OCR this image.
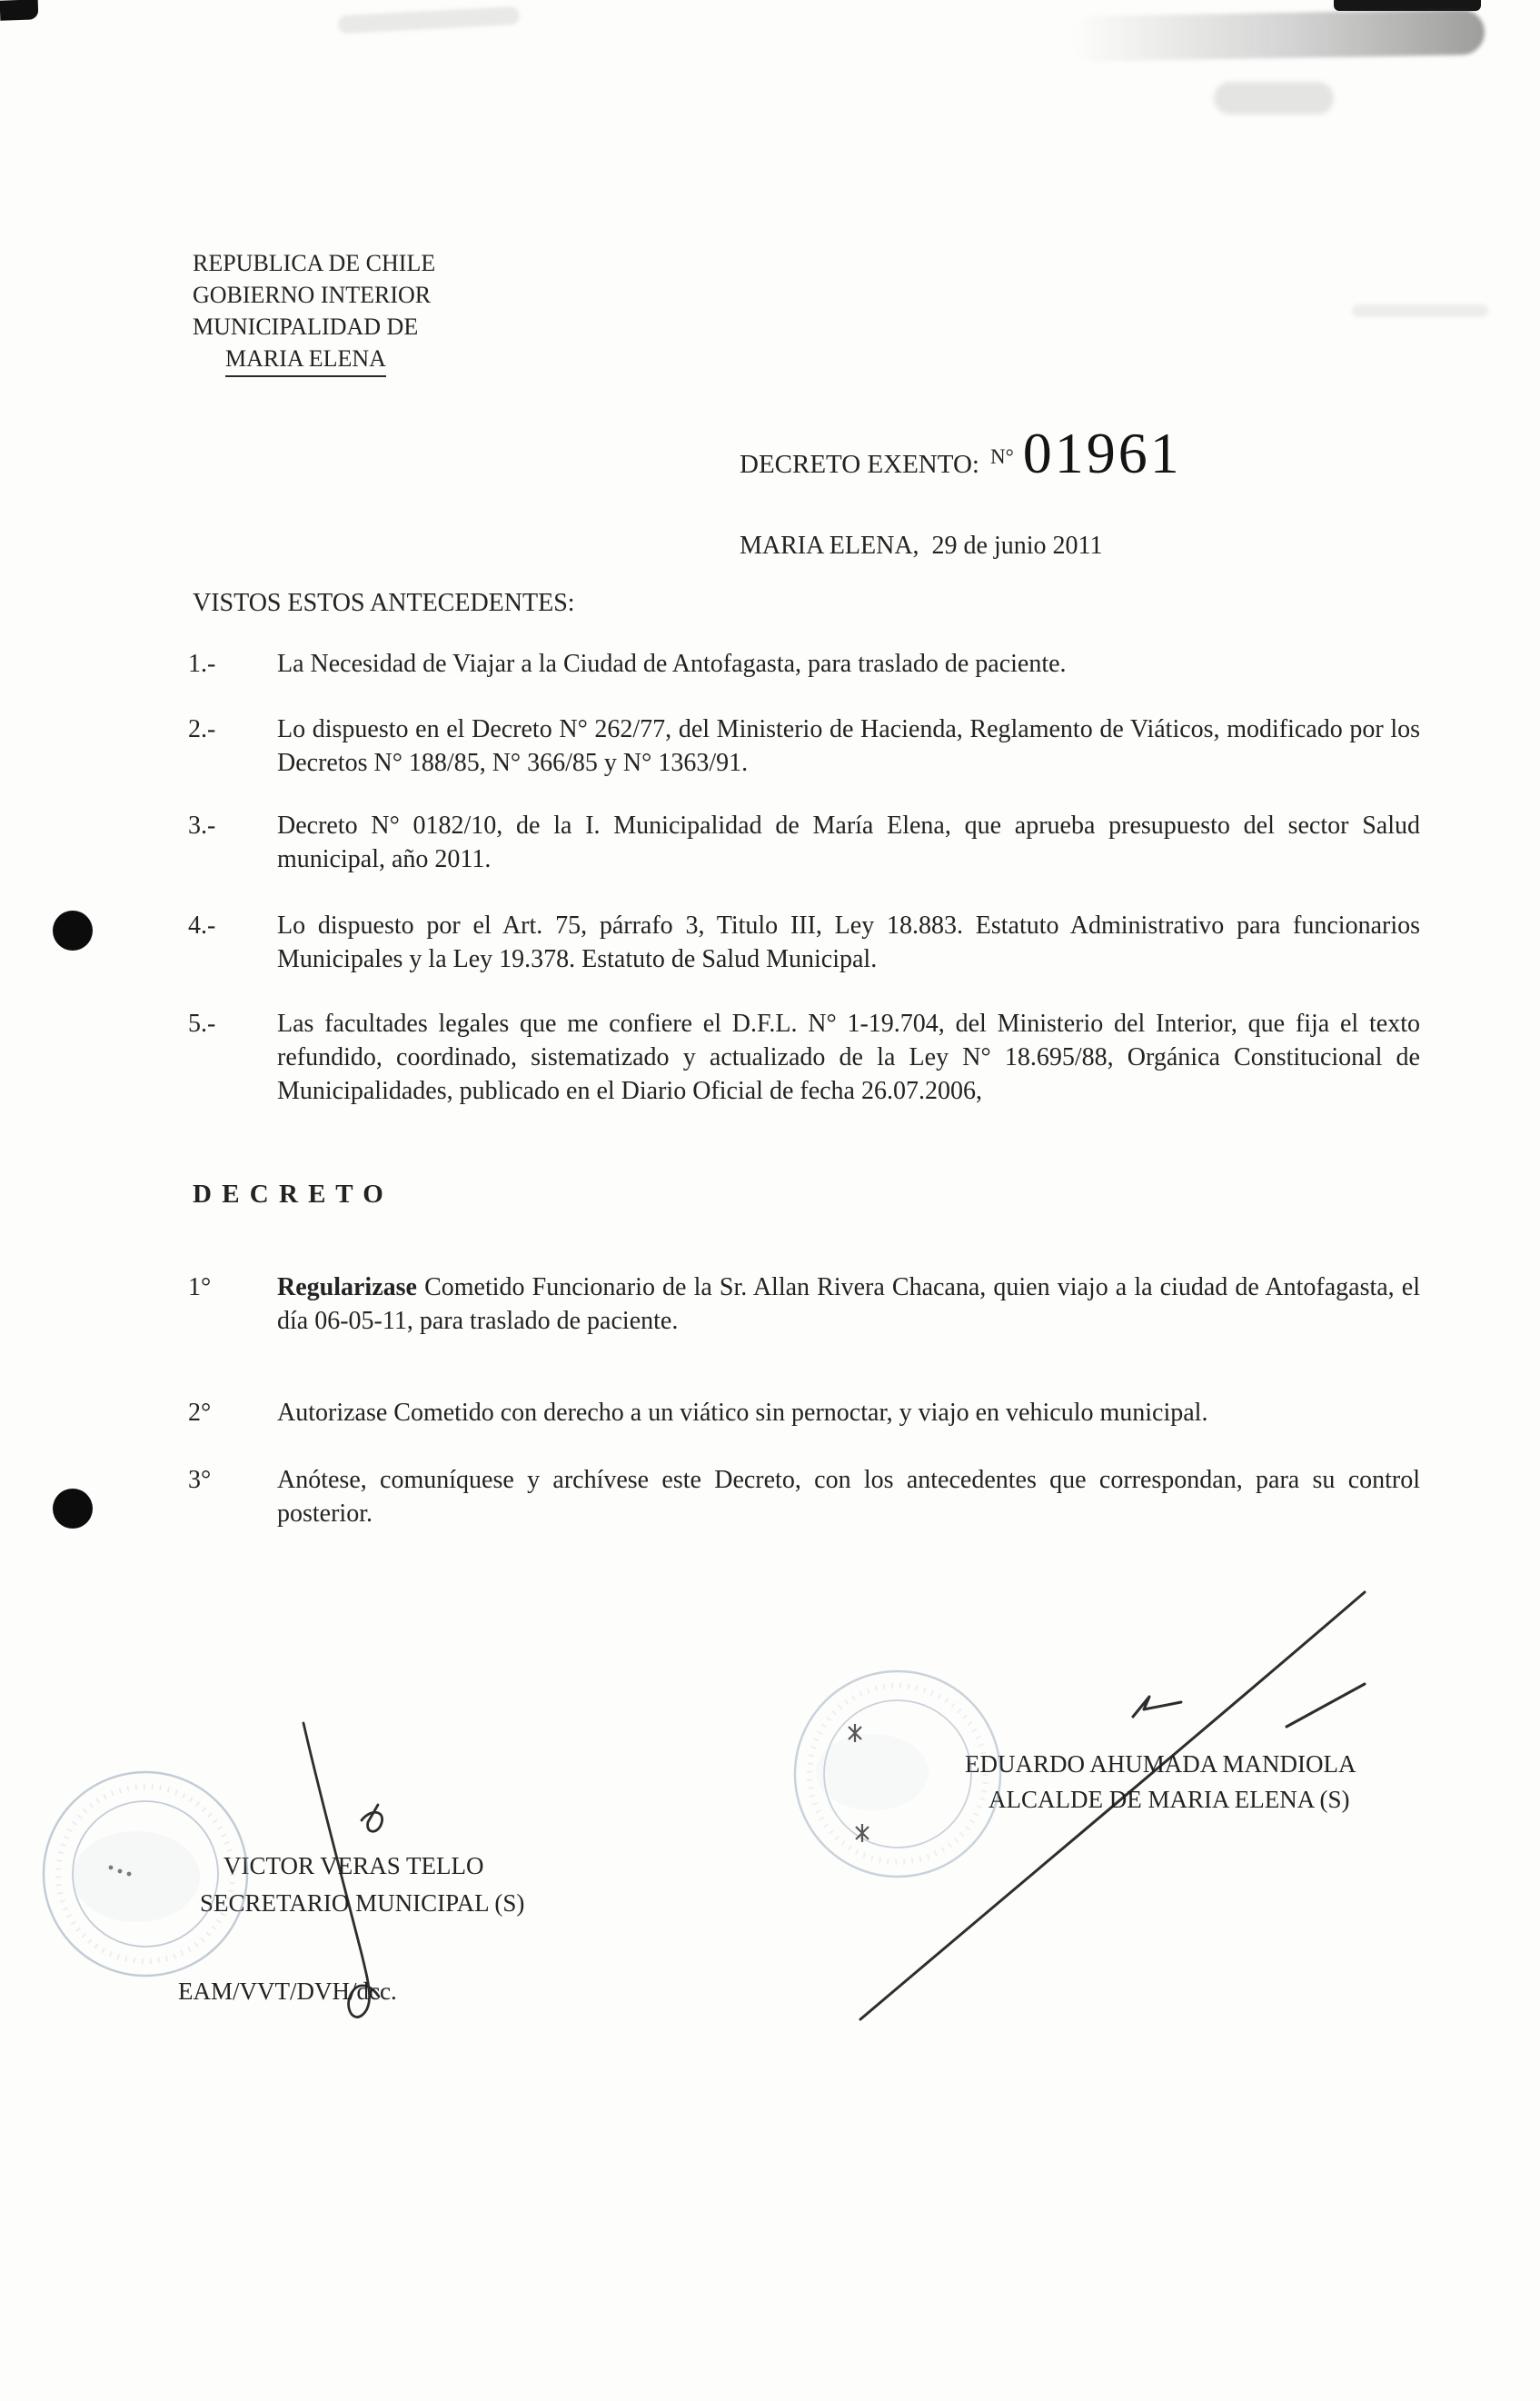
REPUBLICA DE CHILE
GOBIERNO INTERIOR
MUNICIPALIDAD DE
MARIA ELENA
DECRETO EXENTO: N° 01961
MARIA ELENA,  29 de junio 2011
VISTOS ESTOS ANTECEDENTES:
1.- La Necesidad de Viajar a la Ciudad de Antofagasta, para traslado de paciente.

2.- Lo dispuesto en el Decreto N° 262/77, del Ministerio de Hacienda, Reglamento de Viáticos, modificado por los Decretos N° 188/85, N° 366/85 y N° 1363/91.

3.- Decreto N° 0182/10, de la I. Municipalidad de María Elena, que aprueba presupuesto del sector Salud municipal, año 2011.

4.- Lo dispuesto por el Art. 75, párrafo 3, Titulo III, Ley 18.883. Estatuto Administrativo para funcionarios Municipales y la Ley 19.378. Estatuto de Salud Municipal.

5.- Las facultades legales que me confiere el D.F.L. N° 1-19.704, del Ministerio del Interior, que fija el texto refundido, coordinado, sistematizado y actualizado de la Ley N° 18.695/88, Orgánica Constitucional de Municipalidades, publicado en el Diario Oficial de fecha 26.07.2006,

D E C R E T O
1°	Regularizase Cometido Funcionario de la Sr. Allan Rivera Chacana, quien viajo a la ciudad de Antofagasta, el día 06-05-11, para traslado de paciente.

2°	Autorizase Cometido con derecho a un viático sin pernoctar, y viajo en vehiculo municipal.

3°	Anótese, comuníquese y archívese este Decreto, con los antecedentes que correspondan, para su control posterior.

EDUARDO AHUMADA MANDIOLA
ALCALDE DE MARIA ELENA (S)
VICTOR VERAS TELLO
SECRETARIO MUNICIPAL (S)
EAM/VVT/DVH/dcc.
